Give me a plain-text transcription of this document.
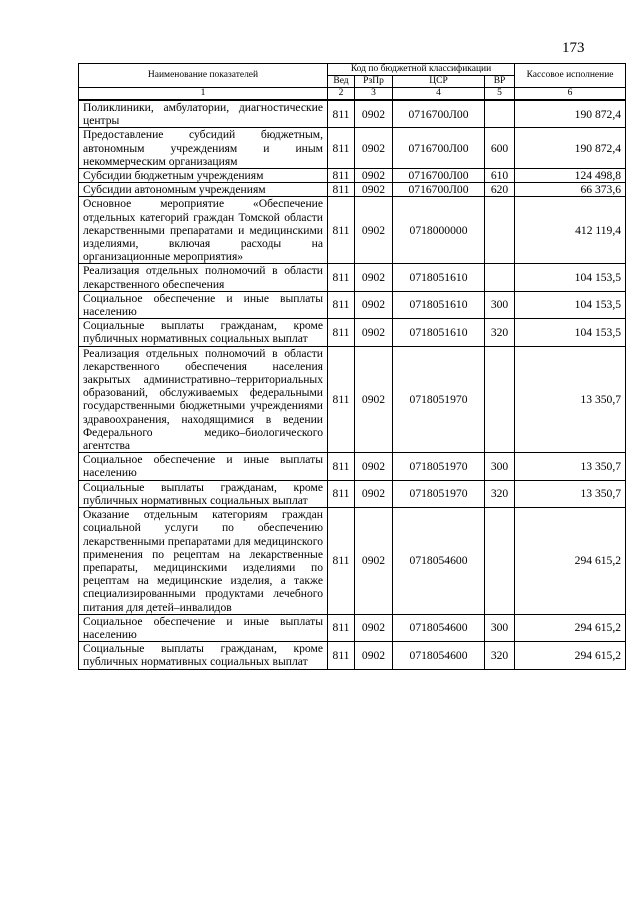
173
Наименование показателей	Код по бюджетной классификации				Кассовое исполнение
	Вед	РзПр	ЦСР	ВР	
1	2	3	4	5	6
Поликлиники, амбулатории, диагностические центры	811	0902	0716700Л00		190 872,4
Предоставление субсидий бюджетным, автономным учреждениям и иным некоммерческим организациям	811	0902	0716700Л00	600	190 872,4
Субсидии бюджетным учреждениям	811	0902	0716700Л00	610	124 498,8
Субсидии автономным учреждениям	811	0902	0716700Л00	620	66 373,6
Основное мероприятие «Обеспечение отдельных категорий граждан Томской области лекарственными препаратами и медицинскими изделиями, включая расходы на организационные мероприятия»	811	0902	0718000000		412 119,4
Реализация отдельных полномочий в области лекарственного обеспечения	811	0902	0718051610		104 153,5
Социальное обеспечение и иные выплаты населению	811	0902	0718051610	300	104 153,5
Социальные выплаты гражданам, кроме публичных нормативных социальных выплат	811	0902	0718051610	320	104 153,5
Реализация отдельных полномочий в области лекарственного обеспечения населения закрытых административно–территориальных образований, обслуживаемых федеральными государственными бюджетными учреждениями здравоохранения, находящимися в ведении Федерального медико–биологического агентства	811	0902	0718051970		13 350,7
Социальное обеспечение и иные выплаты населению	811	0902	0718051970	300	13 350,7
Социальные выплаты гражданам, кроме публичных нормативных социальных выплат	811	0902	0718051970	320	13 350,7
Оказание отдельным категориям граждан социальной услуги по обеспечению лекарственными препаратами для медицинского применения по рецептам на лекарственные препараты, медицинскими изделиями по рецептам на медицинские изделия, а также специализированными продуктами лечебного питания для детей–инвалидов	811	0902	0718054600		294 615,2
Социальное обеспечение и иные выплаты населению	811	0902	0718054600	300	294 615,2
Социальные выплаты гражданам, кроме публичных нормативных социальных выплат	811	0902	0718054600	320	294 615,2
